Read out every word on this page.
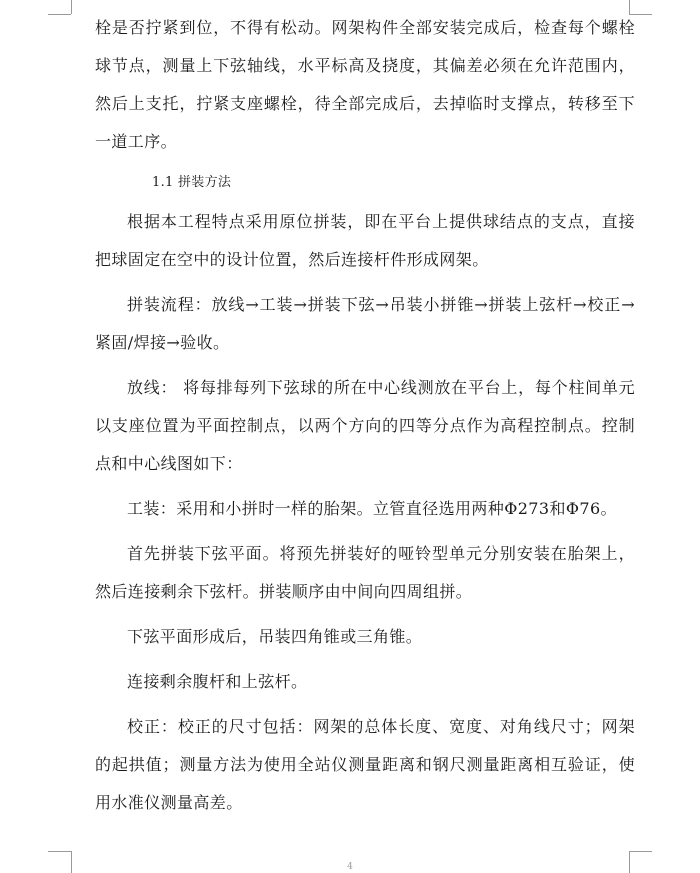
栓是否拧紧到位，不得有松动。网架构件全部安装完成后，检查每个螺栓球节点，测量上下弦轴线，水平标高及挠度，其偏差必须在允许范围内，然后上支托，拧紧支座螺栓，待全部完成后，去掉临时支撑点，转移至下一道工序。

1.1 拼装方法

根据本工程特点采用原位拼装，即在平台上提供球结点的支点，直接把球固定在空中的设计位置，然后连接杆件形成网架。

拼装流程：放线→工装→拼装下弦→吊装小拼锥→拼装上弦杆→校正→紧固/焊接→验收。

放线： 将每排每列下弦球的所在中心线测放在平台上，每个柱间单元以支座位置为平面控制点，以两个方向的四等分点作为高程控制点。控制点和中心线图如下：

工装：采用和小拼时一样的胎架。立管直径选用两种Φ273和Φ76。

首先拼装下弦平面。将预先拼装好的哑铃型单元分别安装在胎架上，然后连接剩余下弦杆。拼装顺序由中间向四周组拼。

下弦平面形成后，吊装四角锥或三角锥。

连接剩余腹杆和上弦杆。

校正：校正的尺寸包括：网架的总体长度、宽度、对角线尺寸；网架的起拱值；测量方法为使用全站仪测量距离和钢尺测量距离相互验证，使用水准仪测量高差。

4
